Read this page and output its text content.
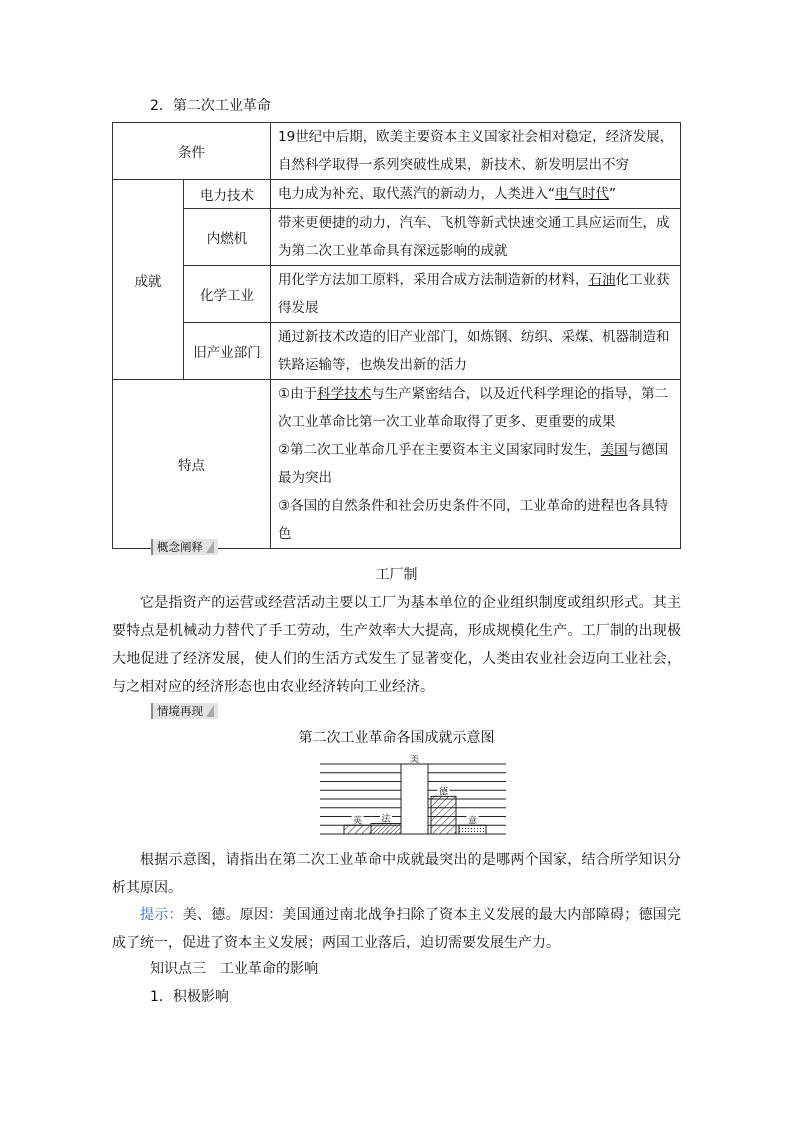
2．第二次工业革命
条件		19世纪中后期，欧美主要资本主义国家社会相对稳定，经济发展，自然科学取得一系列突破性成果，新技术、新发明层出不穷
成就	电力技术	电力成为补充、取代蒸汽的新动力，人类进入“电气时代”
	内燃机	带来更便捷的动力，汽车、飞机等新式快速交通工具应运而生，成为第二次工业革命具有深远影响的成就
	化学工业	用化学方法加工原料，采用合成方法制造新的材料，石油化工业获得发展
	旧产业部门	通过新技术改造的旧产业部门，如炼钢、纺织、采煤、机器制造和铁路运输等，也焕发出新的活力
特点		①由于科学技术与生产紧密结合，以及近代科学理论的指导，第二次工业革命比第一次工业革命取得了更多、更重要的成果
②第二次工业革命几乎在主要资本主义国家同时发生，美国与德国最为突出
③各国的自然条件和社会历史条件不同，工业革命的进程也各具特色
概念阐释
工厂制

它是指资产的运营或经营活动主要以工厂为基本单位的企业组织制度或组织形式。其主要特点是机械动力替代了手工劳动，生产效率大大提高，形成规模化生产。工厂制的出现极大地促进了经济发展，使人们的生活方式发生了显著变化，人类由农业社会迈向工业社会，与之相对应的经济形态也由农业经济转向工业经济。

情境再现
第二次工业革命各国成就示意图
英 法
美
德
意

根据示意图，请指出在第二次工业革命中成就最突出的是哪两个国家，结合所学知识分析其原因。

提示：美、德。原因：美国通过南北战争扫除了资本主义发展的最大内部障碍；德国完成了统一，促进了资本主义发展；两国工业落后，迫切需要发展生产力。

知识点三　工业革命的影响
1．积极影响
